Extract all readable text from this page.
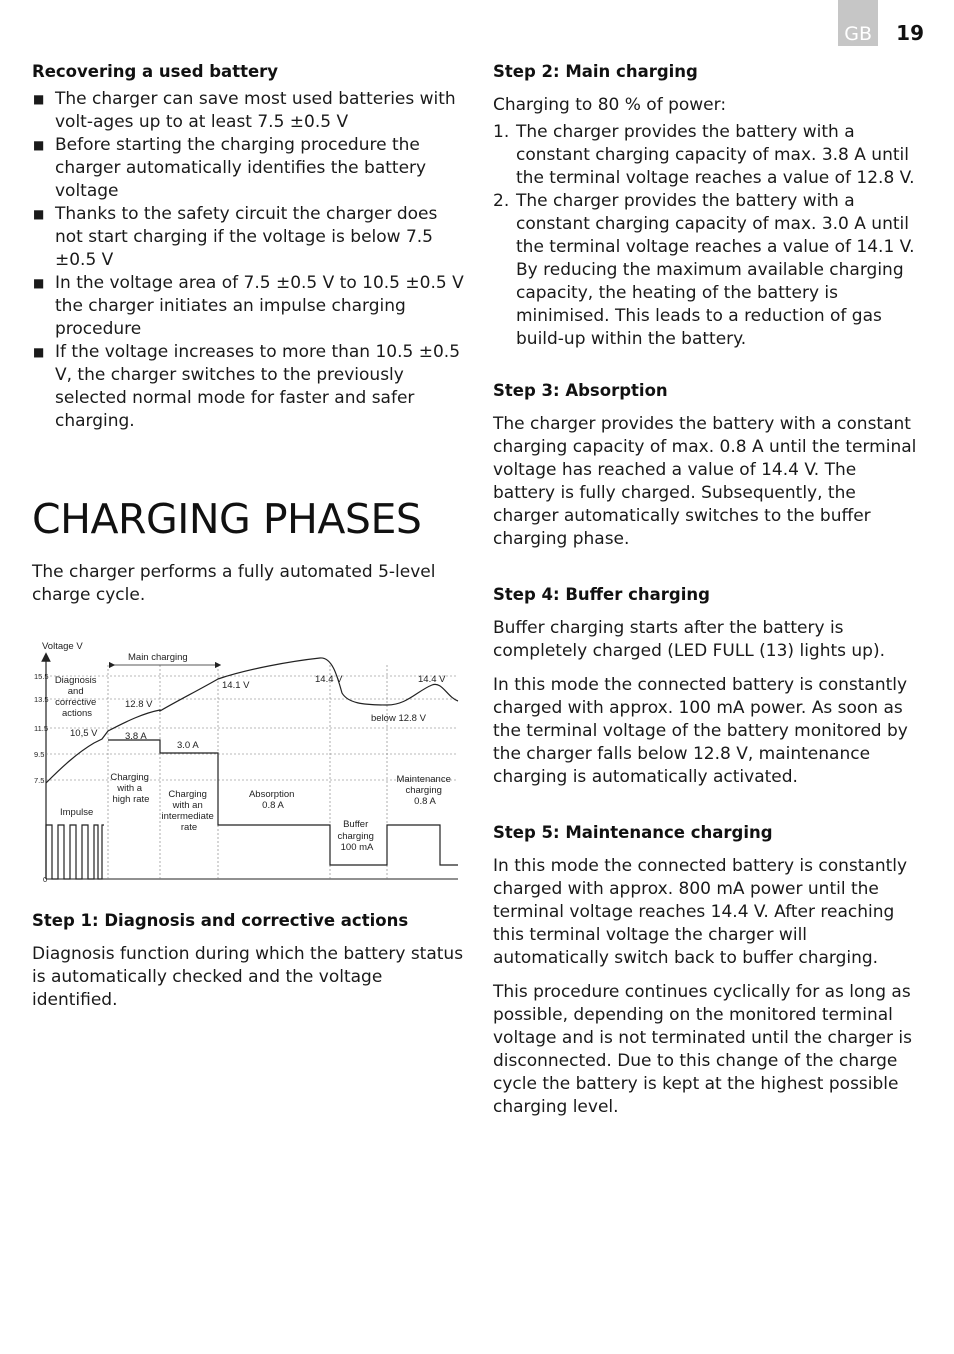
GB	19
Recovering a used battery
■ The charger can save most used batteries with volt-ages up to at least 7.5 ±0.5 V
■ Before starting the charging procedure the charger automatically identifies the battery voltage
■ Thanks to the safety circuit the charger does not start charging if the voltage is below 7.5 ±0.5 V
■ In the voltage area of 7.5 ±0.5 V to 10.5 ±0.5 V the charger initiates an impulse charging procedure
■ If the voltage increases to more than 10.5 ±0.5 V, the charger switches to the previously selected normal mode for faster and safer charging.
CHARGING PHASES

The charger performs a fully automated 5-level charge cycle.

Voltage V
15.5
13.5
11.5
9.5
7.5
0
Main charging
Diagnosis and corrective actions
Charging with a high rate	Charging with an intermediate rate
Absorption 0.8 A
Buffer charging 100 mA
Maintenance charging 0.8 A
Impulse
10,5 V
12.8 V
14.1 V
14.4 V	14.4 V
below 12.8 V
3.8 A
3.0 A
Step 1: Diagnosis and corrective actions

Diagnosis function during which the battery status is automatically checked and the voltage identified.

Step 2: Main charging

Charging to 80 % of power:

1. The charger provides the battery with a constant charging capacity of max. 3.8 A until the terminal voltage reaches a value of 12.8 V.
2. The charger provides the battery with a constant charging capacity of max. 3.0 A until the terminal voltage reaches a value of 14.1 V. By reducing the maximum available charging capacity, the heating of the battery is minimised. This leads to a reduction of gas build-up within the battery.
Step 3: Absorption

The charger provides the battery with a constant charging capacity of max. 0.8 A until the terminal voltage has reached a value of 14.4 V. The battery is fully charged. Subsequently, the charger automatically switches to the buffer charging phase.

Step 4: Buffer charging

Buffer charging starts after the battery is completely charged (LED FULL (13) lights up).

In this mode the connected battery is constantly charged with approx. 100 mA power. As soon as the terminal voltage of the battery monitored by the charger falls below 12.8 V, maintenance charging is automatically activated.

Step 5: Maintenance charging

In this mode the connected battery is constantly charged with approx. 800 mA power until the terminal voltage reaches 14.4 V. After reaching this terminal voltage the charger will automatically switch back to buffer charging.

This procedure continues cyclically for as long as possible, depending on the monitored terminal voltage and is not terminated until the charger is disconnected. Due to this change of the charge cycle the battery is kept at the highest possible charging level.
